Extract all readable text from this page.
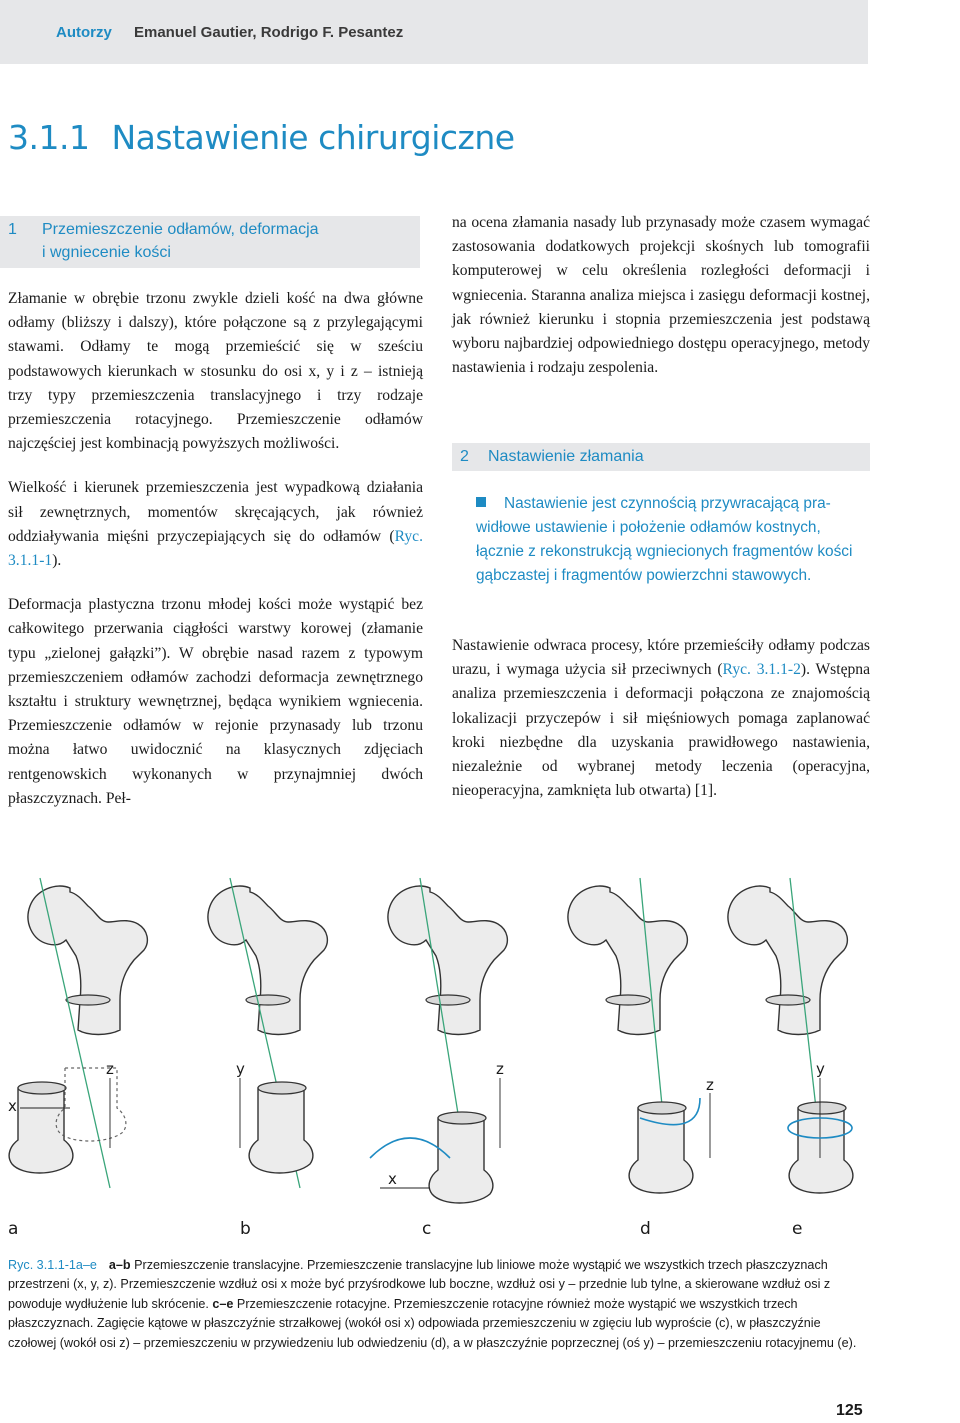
Autorzy Emanuel Gautier, Rodrigo F. Pesantez
3.1.1 Nastawienie chirurgiczne
1 Przemieszczenie odłamów, deformacja
i wgniecenie kości

Złamanie w obrębie trzonu zwykle dzieli kość na dwa główne odłamy (bliższy i dalszy), które połączone są z przylegającymi stawami. Odłamy te mogą przemieścić się w sześciu podstawowych kierunkach w stosunku do osi x, y i z – istnieją trzy typy przemieszczenia translacyjnego i trzy rodzaje przemieszczenia rotacyjnego. Przemieszczenie odłamów najczęściej jest kombinacją powyższych możliwości.

Wielkość i kierunek przemieszczenia jest wypadkową działania sił zewnętrznych, momentów skręcających, jak również oddziaływania mięśni przyczepiających się do odłamów (Ryc. 3.1.1-1).

Deformacja plastyczna trzonu młodej kości może wystąpić bez całkowitego przerwania ciągłości warstwy korowej (złamanie typu „zielonej gałązki”). W obrębie nasad razem z typowym przemieszczeniem odłamów zachodzi deformacja zewnętrznego kształtu i struktury wewnętrznej, będąca wynikiem wgniecenia. Przemieszczenie odłamów w rejonie przynasady lub trzonu można łatwo uwidocznić na klasycznych zdjęciach rentgenowskich wykonanych w przynajmniej dwóch płaszczyznach. Peł-

na ocena złamania nasady lub przynasady może czasem wymagać zastosowania dodatkowych projekcji skośnych lub tomografii komputerowej w celu określenia rozległości deformacji i wgniecenia. Staranna analiza miejsca i zasięgu deformacji kostnej, jak również kierunku i stopnia przemieszczenia jest podstawą wyboru najbardziej odpowiedniego dostępu operacyjnego, metody nastawienia i rodzaju zespolenia.

2 Nastawienie złamania
Nastawienie jest czynnością przywracającą pra-
widłowe ustawienie i położenie odłamów kostnych, łącznie z rekonstrukcją wgniecionych fragmentów kości gąbczastej i fragmentów powierzchni stawowych.

Nastawienie odwraca procesy, które przemieściły odłamy podczas urazu, i wymaga użycia sił przeciwnych (Ryc. 3.1.1-2). Wstępna analiza przemieszczenia i deformacji połączona ze znajomością lokalizacji przyczepów i sił mięśniowych pomaga zaplanować kroki niezbędne dla uzyskania prawidłowego nastawienia, niezależnie od wybranej metody leczenia (operacyjna, nieoperacyjna, zamknięta lub otwarta) [1].

x
z	y	z
x
z
y
a	b	c	d	e
Ryc. 3.1.1-1a–e a–b Przemieszczenie translacyjne. Przemieszczenie translacyjne lub liniowe może wystąpić we wszystkich trzech płaszczyznach przestrzeni (x, y, z). Przemieszczenie wzdłuż osi x może być przyśrodkowe lub boczne, wzdłuż osi y – przednie lub tylne, a skierowane wzdłuż osi z powoduje wydłużenie lub skrócenie. c–e Przemieszczenie rotacyjne. Przemieszczenie rotacyjne również może wystąpić we wszystkich trzech płaszczyznach. Zagięcie kątowe w płaszczyźnie strzałkowej (wokół osi x) odpowiada przemieszczeniu w zgięciu lub wyproście (c), w płaszczyźnie czołowej (wokół osi z) – przemieszczeniu w przywiedzeniu lub odwiedzeniu (d), a w płaszczyźnie poprzecznej (oś y) – przemieszczeniu rotacyjnemu (e).
125
